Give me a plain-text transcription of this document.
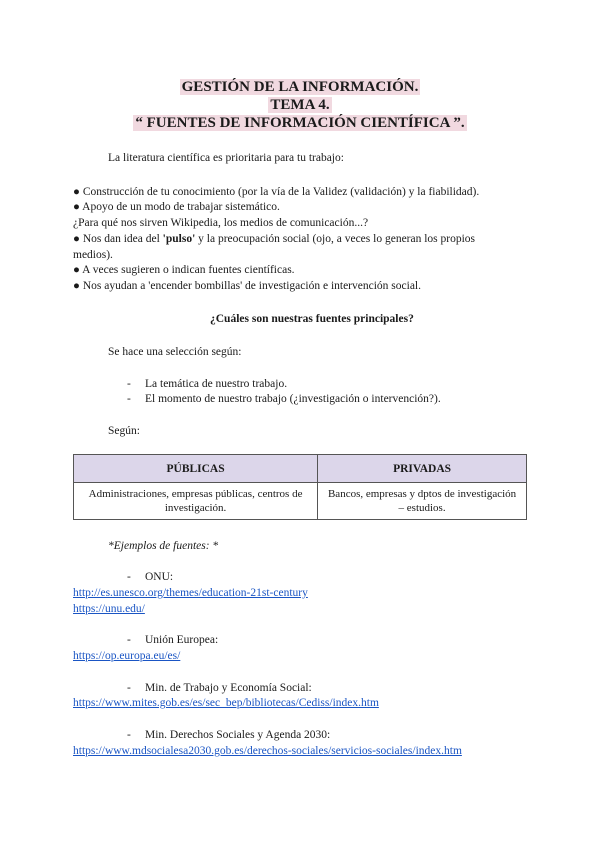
GESTIÓN DE LA INFORMACIÓN.
TEMA 4.
“ FUENTES DE INFORMACIÓN CIENTÍFICA ”.
La literatura científica es prioritaria para tu trabajo:
● Construcción de tu conocimiento (por la vía de la Validez (validación) y la fiabilidad).
● Apoyo de un modo de trabajar sistemático.
¿Para qué nos sirven Wikipedia, los medios de comunicación...?
● Nos dan idea del 'pulso' y la preocupación social (ojo, a veces lo generan los propios
medios).
● A veces sugieren o indican fuentes científicas.
● Nos ayudan a 'encender bombillas' de investigación e intervención social.
¿Cuáles son nuestras fuentes principales?
Se hace una selección según:
- La temática de nuestro trabajo.
- El momento de nuestro trabajo (¿investigación o intervención?).
Según:
PÚBLICAS	PRIVADAS
Administraciones, empresas públicas, centros de investigación.	Bancos, empresas y dptos de investigación – estudios.
*Ejemplos de fuentes: *
- ONU:
http://es.unesco.org/themes/education-21st-century
https://unu.edu/
- Unión Europea:
https://op.europa.eu/es/
- Min. de Trabajo y Economía Social:
https://www.mites.gob.es/es/sec_bep/bibliotecas/Cediss/index.htm
- Min. Derechos Sociales y Agenda 2030:
https://www.mdsocialesa2030.gob.es/derechos-sociales/servicios-sociales/index.htm
